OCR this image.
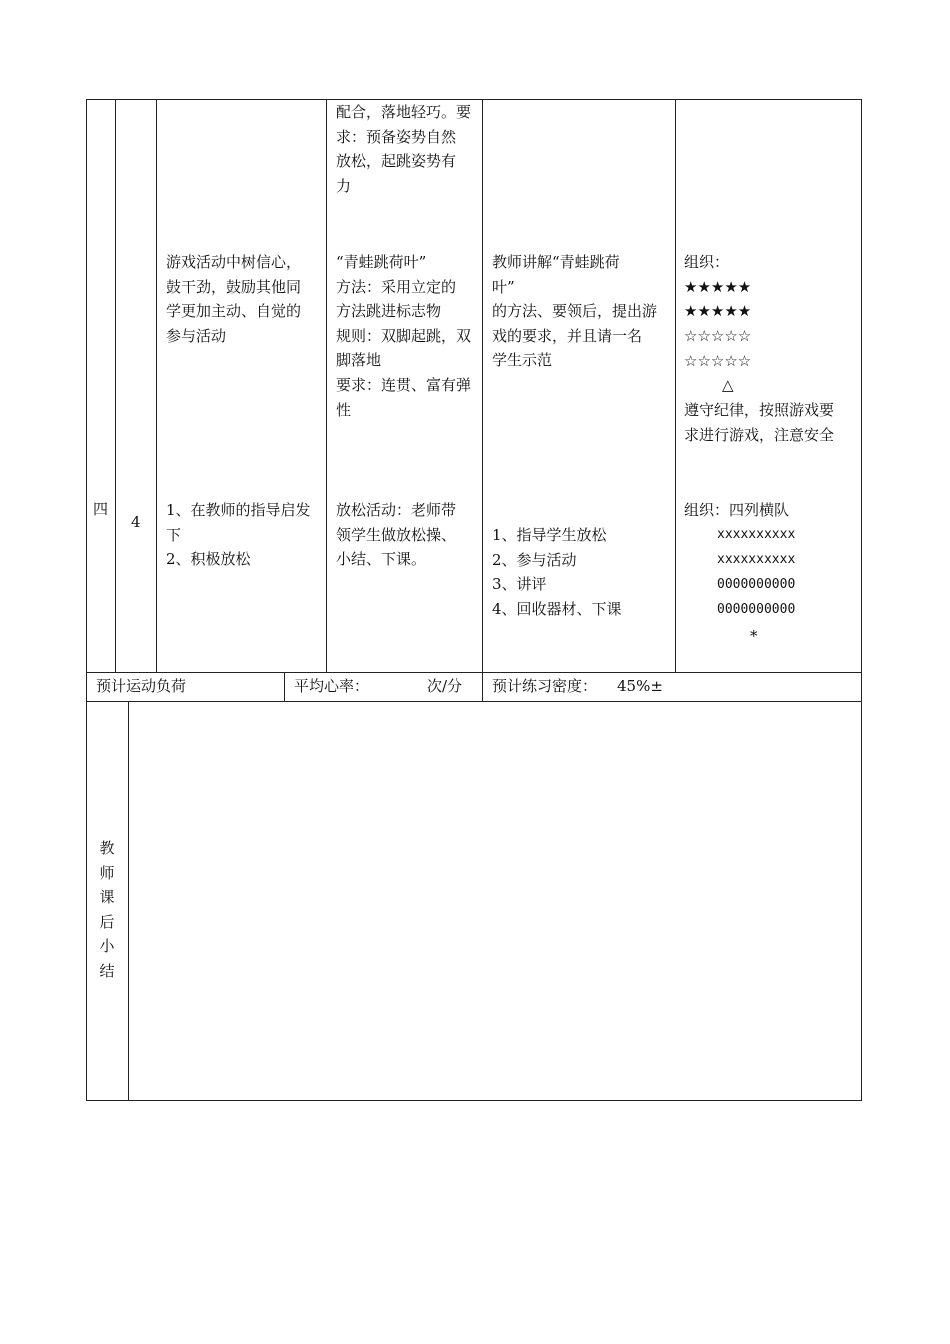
配合，落地轻巧。要
求：预备姿势自然
放松，起跳姿势有
力
游戏活动中树信心，
鼓干劲，鼓励其他同
学更加主动、自觉的
参与活动
“青蛙跳荷叶”
方法：采用立定的
方法跳进标志物
规则：双脚起跳，双
脚落地
要求：连贯、富有弹
性
教师讲解“青蛙跳荷
叶”
的方法、要领后，提出游
戏的要求，并且请一名
学生示范
组织：
★★★★★
★★★★★
☆☆☆☆☆
☆☆☆☆☆
△
遵守纪律，按照游戏要
求进行游戏，注意安全
四
4
1、在教师的指导启发
下
2、积极放松
放松活动：老师带
领学生做放松操、
小结、下课。
1、指导学生放松
2、参与活动
3、讲评
4、回收器材、下课
组织：四列横队
xxxxxxxxxx
xxxxxxxxxx
0000000000
0000000000
*
预计运动负荷	平均心率：	次/分 预计练习密度： 45%±
教
师
课
后
小
结
